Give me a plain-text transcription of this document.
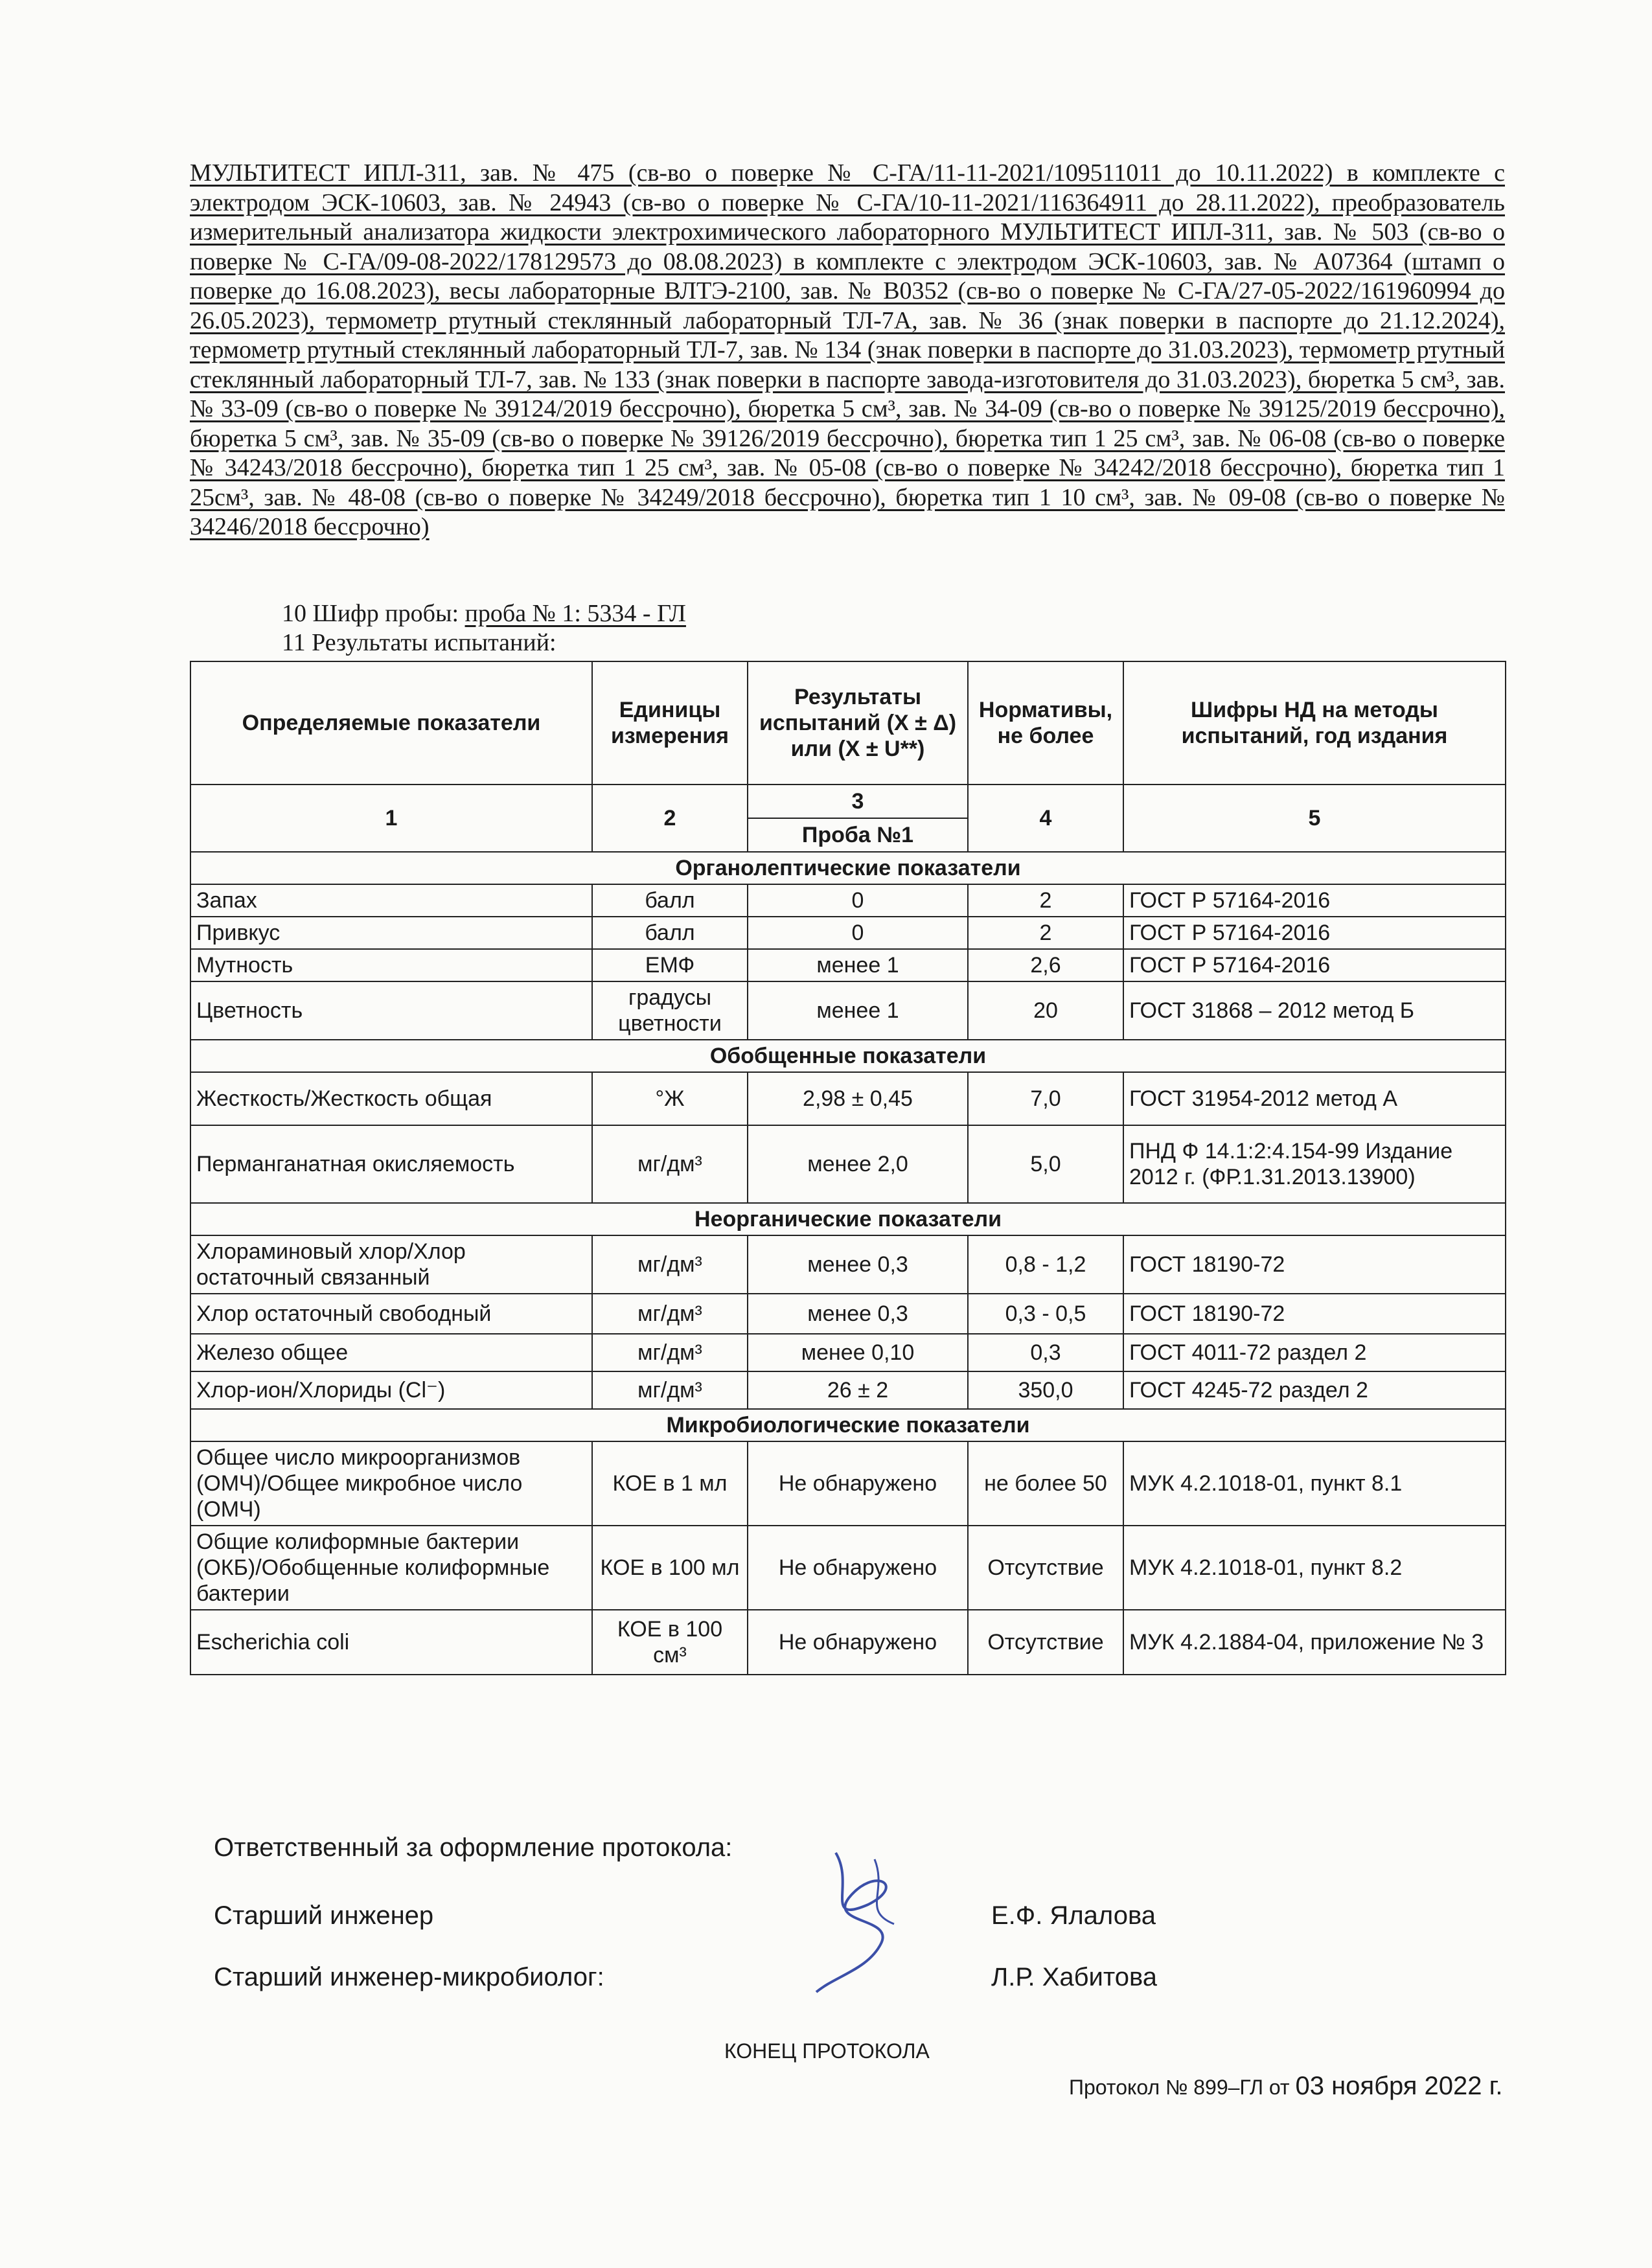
МУЛЬТИТЕСТ ИПЛ-311, зав. № 475 (св-во о поверке № С-ГА/11-11-2021/109511011 до 10.11.2022) в комплекте с электродом ЭСК-10603, зав. № 24943 (св-во о поверке № С-ГА/10-11-2021/116364911 до 28.11.2022), преобразователь измерительный анализатора жидкости электрохимического лабораторного МУЛЬТИТЕСТ ИПЛ-311, зав. № 503 (св-во о поверке № С-ГА/09-08-2022/178129573 до 08.08.2023) в комплекте с электродом ЭСК-10603, зав. № А07364 (штамп о поверке до 16.08.2023), весы лабораторные ВЛТЭ-2100, зав. № В0352 (св-во о поверке № С-ГА/27-05-2022/161960994 до 26.05.2023), термометр ртутный стеклянный лабораторный ТЛ-7А, зав. № 36 (знак поверки в паспорте до 21.12.2024), термометр ртутный стеклянный лабораторный ТЛ-7, зав. № 134 (знак поверки в паспорте до 31.03.2023), термометр ртутный стеклянный лабораторный ТЛ-7, зав. № 133 (знак поверки в паспорте завода-изготовителя до 31.03.2023), бюретка 5 см³, зав. № 33-09 (св-во о поверке № 39124/2019 бессрочно), бюретка 5 см³, зав. № 34-09 (св-во о поверке № 39125/2019 бессрочно), бюретка 5 см³, зав. № 35-09 (св-во о поверке № 39126/2019 бессрочно), бюретка тип 1 25 см³, зав. № 06-08 (св-во о поверке № 34243/2018 бессрочно), бюретка тип 1 25 см³, зав. № 05-08 (св-во о поверке № 34242/2018 бессрочно), бюретка тип 1 25см³, зав. № 48-08 (св-во о поверке № 34249/2018 бессрочно), бюретка тип 1 10 см³, зав. № 09-08 (св-во о поверке № 34246/2018 бессрочно)
10 Шифр пробы: проба № 1: 5334 - ГЛ
11 Результаты испытаний:
Определяемые показатели	Единицы измерения	Результаты испытаний (Х ± Δ) или (Х ± U**)	Нормативы, не более	Шифры НД на методы испытаний, год издания
1	2	3	4	5
		Проба №1		
Органолептические показатели				
Запах	балл	0	2	ГОСТ Р 57164-2016
Привкус	балл	0	2	ГОСТ Р 57164-2016
Мутность	ЕМФ	менее 1	2,6	ГОСТ Р 57164-2016
Цветность	градусы цветности	менее 1	20	ГОСТ 31868 – 2012 метод Б
Обобщенные показатели				
Жесткость/Жесткость общая	°Ж	2,98 ± 0,45	7,0	ГОСТ 31954-2012 метод А
Перманганатная окисляемость	мг/дм³	менее 2,0	5,0	ПНД Ф 14.1:2:4.154-99 Издание 2012 г. (ФР.1.31.2013.13900)
Неорганические показатели				
Хлораминовый хлор/Хлор остаточный связанный	мг/дм³	менее 0,3	0,8 - 1,2	ГОСТ 18190-72
Хлор остаточный свободный	мг/дм³	менее 0,3	0,3 - 0,5	ГОСТ 18190-72
Железо общее	мг/дм³	менее 0,10	0,3	ГОСТ 4011-72 раздел 2
Хлор-ион/Хлориды (Cl⁻)	мг/дм³	26 ± 2	350,0	ГОСТ 4245-72 раздел 2
Микробиологические показатели				
Общее число микроорганизмов (ОМЧ)/Общее микробное число (ОМЧ)	КОЕ в 1 мл	Не обнаружено	не более 50	МУК 4.2.1018-01, пункт 8.1
Общие колиформные бактерии (ОКБ)/Обобщенные колиформные бактерии	КОЕ в 100 мл	Не обнаружено	Отсутствие	МУК 4.2.1018-01, пункт 8.2
Escherichia coli	КОЕ в 100 см³	Не обнаружено	Отсутствие	МУК 4.2.1884-04, приложение № 3
Ответственный за оформление протокола:
Старший инженер	Е.Ф. Ялалова
Старший инженер-микробиолог:	Л.Р. Хабитова
КОНЕЦ ПРОТОКОЛА
Протокол № 899–ГЛ от 03 ноября 2022 г.
